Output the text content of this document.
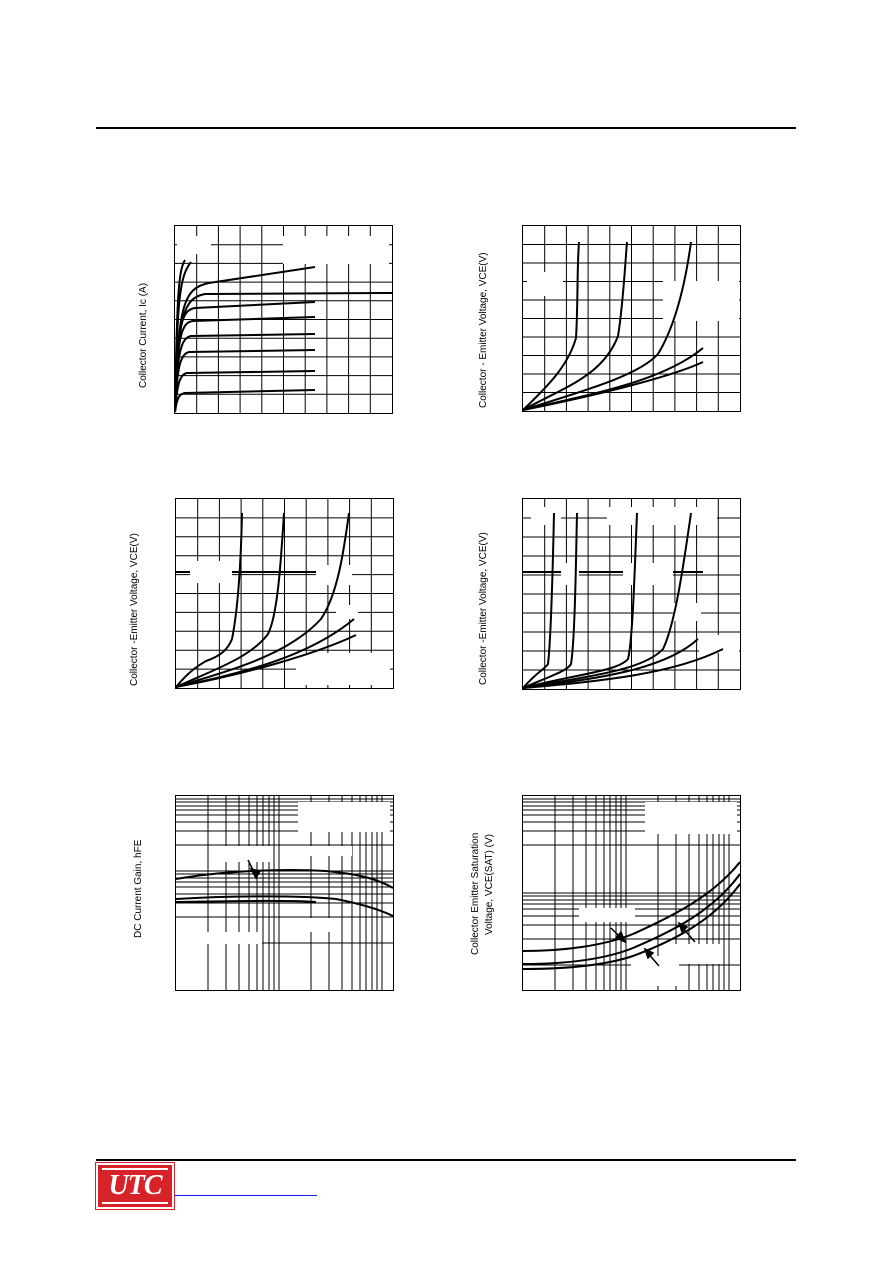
Collector Current, Ic (A)	Collector - Emitter Voltage, VCE(V)
Collector -Emitter Voltage, VCE(V)	Collector -Emitter Voltage, VCE(V)
DC Current Gain, hFE	Collector Emitter Saturation Voltage, VCE(SAT) (V)
UTC
